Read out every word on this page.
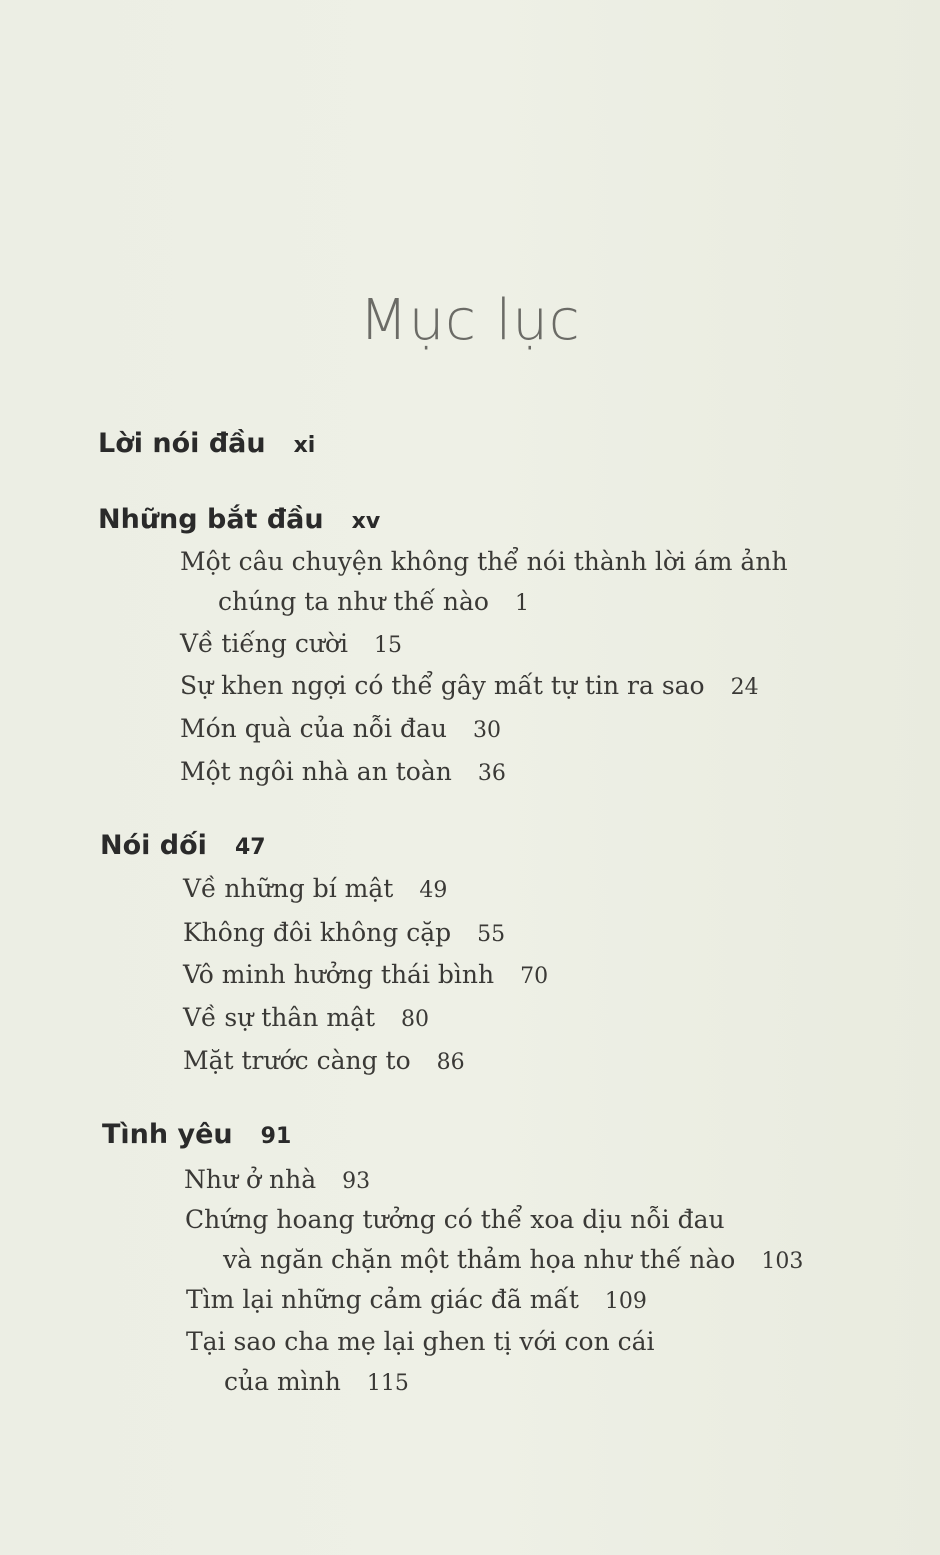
Mục lục
Lời nói đầu xi
Những bắt đầu xv
Một câu chuyện không thể nói thành lời ám ảnh
chúng ta như thế nào 1
Về tiếng cười 15
Sự khen ngợi có thể gây mất tự tin ra sao 24
Món quà của nỗi đau 30
Một ngôi nhà an toàn 36
Nói dối 47
Về những bí mật 49
Không đôi không cặp 55
Vô minh hưởng thái bình 70
Về sự thân mật 80
Mặt trước càng to 86
Tình yêu 91
Như ở nhà 93
Chứng hoang tưởng có thể xoa dịu nỗi đau
và ngăn chặn một thảm họa như thế nào 103
Tìm lại những cảm giác đã mất 109
Tại sao cha mẹ lại ghen tị với con cái
của mình 115
